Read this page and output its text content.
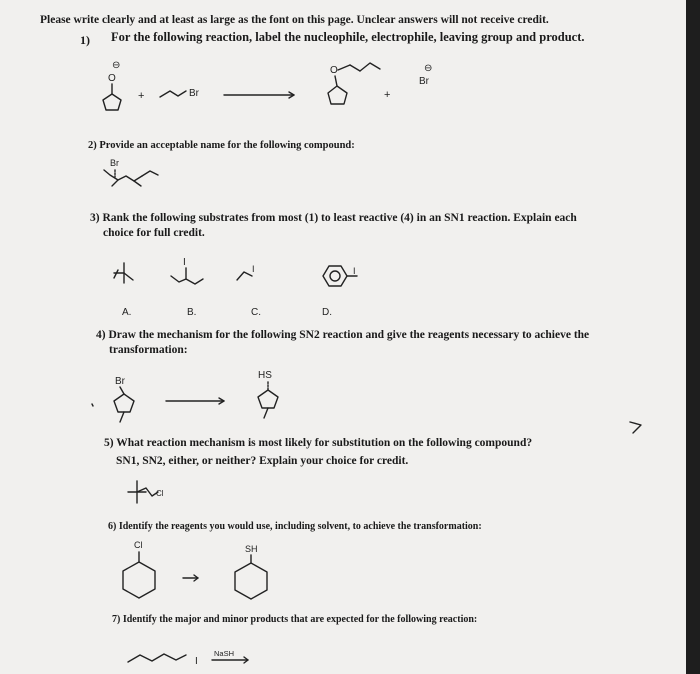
Please write clearly and at least as large as the font on this page. Unclear answers will not receive credit.
1) For the following reaction, label the nucleophile, electrophile, leaving group and product.
⊖
O
+	Br
O
+
⊖
Br
2) Provide an acceptable name for the following compound:
Br
3) Rank the following substrates from most (1) to least reactive (4) in an SN1 reaction. Explain each
choice for full credit.
I
I	I
A.	B.	C.	D.
4) Draw the mechanism for the following SN2 reaction and give the reagents necessary to achieve the
transformation:
Br
HS
5) What reaction mechanism is most likely for substitution on the following compound?
SN1, SN2, either, or neither? Explain your choice for credit.
Cl
6) Identify the reagents you would use, including solvent, to achieve the transformation:
Cl	SH
7) Identify the major and minor products that are expected for the following reaction:
I
NaSH
